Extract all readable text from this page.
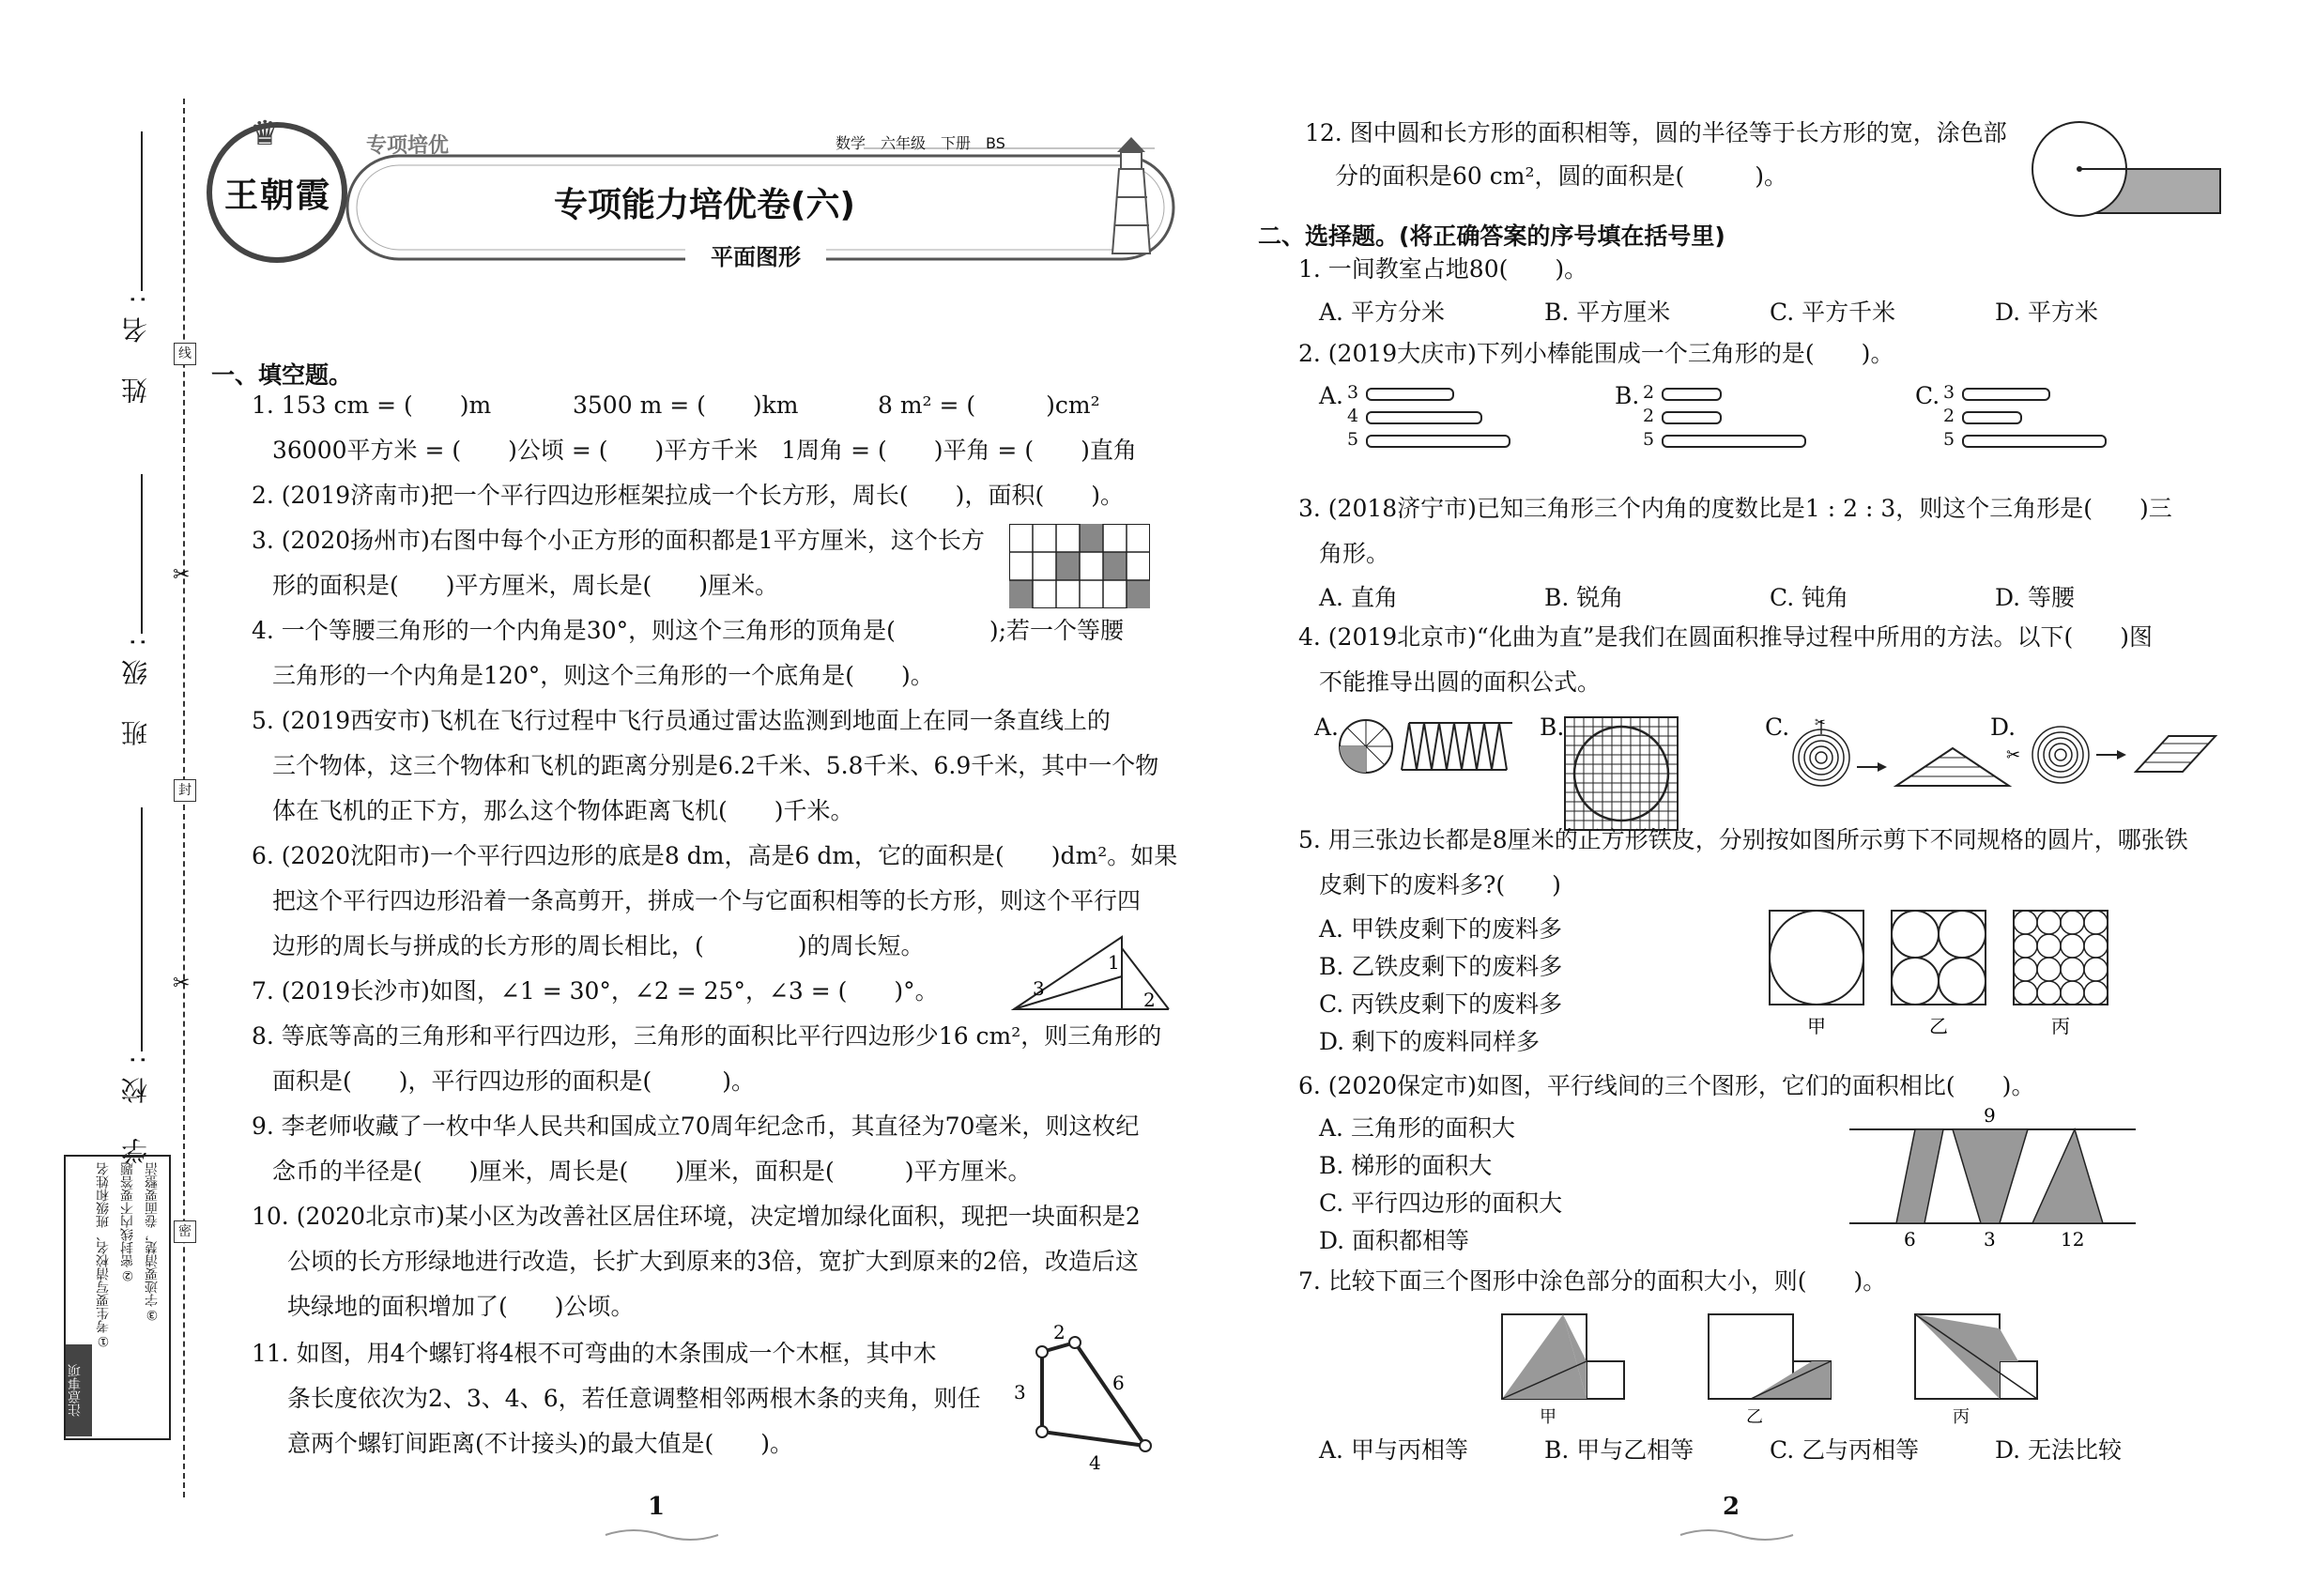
姓 名:
班 级:
学 校:
线
封
密
✂
✂
注意事项
①考生要写清校名、班级和姓名 ②密封线内不要答题 ③字迹要清楚，卷面要整洁
♛
王朝霞
专项培优	数学　六年级　下册　BS
专项能力培优卷(六)
平面图形
一、填空题。
1. 153 cm = (　　)m	3500 m = (　　)km	8 m² = (　　　)cm²
36000平方米 = (　　)公顷 = (　　)平方千米　1周角 = (　　)平角 = (　　)直角
2. (2019济南市)把一个平行四边形框架拉成一个长方形，周长(　　)，面积(　　)。
3. (2020扬州市)右图中每个小正方形的面积都是1平方厘米，这个长方
形的面积是(　　)平方厘米，周长是(　　)厘米。
4. 一个等腰三角形的一个内角是30°，则这个三角形的顶角是(　　　　);若一个等腰
三角形的一个内角是120°，则这个三角形的一个底角是(　　)。
5. (2019西安市)飞机在飞行过程中飞行员通过雷达监测到地面上在同一条直线上的
三个物体，这三个物体和飞机的距离分别是6.2千米、5.8千米、6.9千米，其中一个物
体在飞机的正下方，那么这个物体距离飞机(　　)千米。
6. (2020沈阳市)一个平行四边形的底是8 dm，高是6 dm，它的面积是(　　)dm²。如果
把这个平行四边形沿着一条高剪开，拼成一个与它面积相等的长方形，则这个平行四
边形的周长与拼成的长方形的周长相比，(　　　　)的周长短。
7. (2019长沙市)如图，∠1 = 30°，∠2 = 25°，∠3 = (　　)°。
1
3	2
8. 等底等高的三角形和平行四边形，三角形的面积比平行四边形少16 cm²，则三角形的
面积是(　　)，平行四边形的面积是(　　　)。
9. 李老师收藏了一枚中华人民共和国成立70周年纪念币，其直径为70毫米，则这枚纪
念币的半径是(　　)厘米，周长是(　　)厘米，面积是(　　　)平方厘米。
10. (2020北京市)某小区为改善社区居住环境，决定增加绿化面积，现把一块面积是2
公顷的长方形绿地进行改造，长扩大到原来的3倍，宽扩大到原来的2倍，改造后这
块绿地的面积增加了(　　)公顷。
11. 如图，用4个螺钉将4根不可弯曲的木条围成一个木框，其中木
条长度依次为2、3、4、6，若任意调整相邻两根木条的夹角，则任
意两个螺钉间距离(不计接头)的最大值是(　　)。
2
6
3
4
1
12. 图中圆和长方形的面积相等，圆的半径等于长方形的宽，涂色部
分的面积是60 cm²，圆的面积是(　　　)。
二、选择题。(将正确答案的序号填在括号里)
1. 一间教室占地80(　　)。
A. 平方分米	B. 平方厘米	C. 平方千米	D. 平方米
2. (2019大庆市)下列小棒能围成一个三角形的是(　　)。
A. 3
4
5
B. 2
2
5
C. 3
2
5
3. (2018济宁市)已知三角形三个内角的度数比是1 : 2 : 3，则这个三角形是(　　)三
角形。
A. 直角	B. 锐角	C. 钝角	D. 等腰
4. (2019北京市)“化曲为直”是我们在圆面积推导过程中所用的方法。以下(　　)图
不能推导出圆的面积公式。
A.	B.	C. ✂	D.
✂
5. 用三张边长都是8厘米的正方形铁皮，分别按如图所示剪下不同规格的圆片，哪张铁
皮剩下的废料多?(　　)
A. 甲铁皮剩下的废料多
B. 乙铁皮剩下的废料多
C. 丙铁皮剩下的废料多
D. 剩下的废料同样多
甲	乙	丙
6. (2020保定市)如图，平行线间的三个图形，它们的面积相比(　　)。
A. 三角形的面积大
B. 梯形的面积大
C. 平行四边形的面积大
D. 面积都相等
9
6	3	12
7. 比较下面三个图形中涂色部分的面积大小，则(　　)。
甲	乙	丙
A. 甲与丙相等	B. 甲与乙相等	C. 乙与丙相等	D. 无法比较
2
